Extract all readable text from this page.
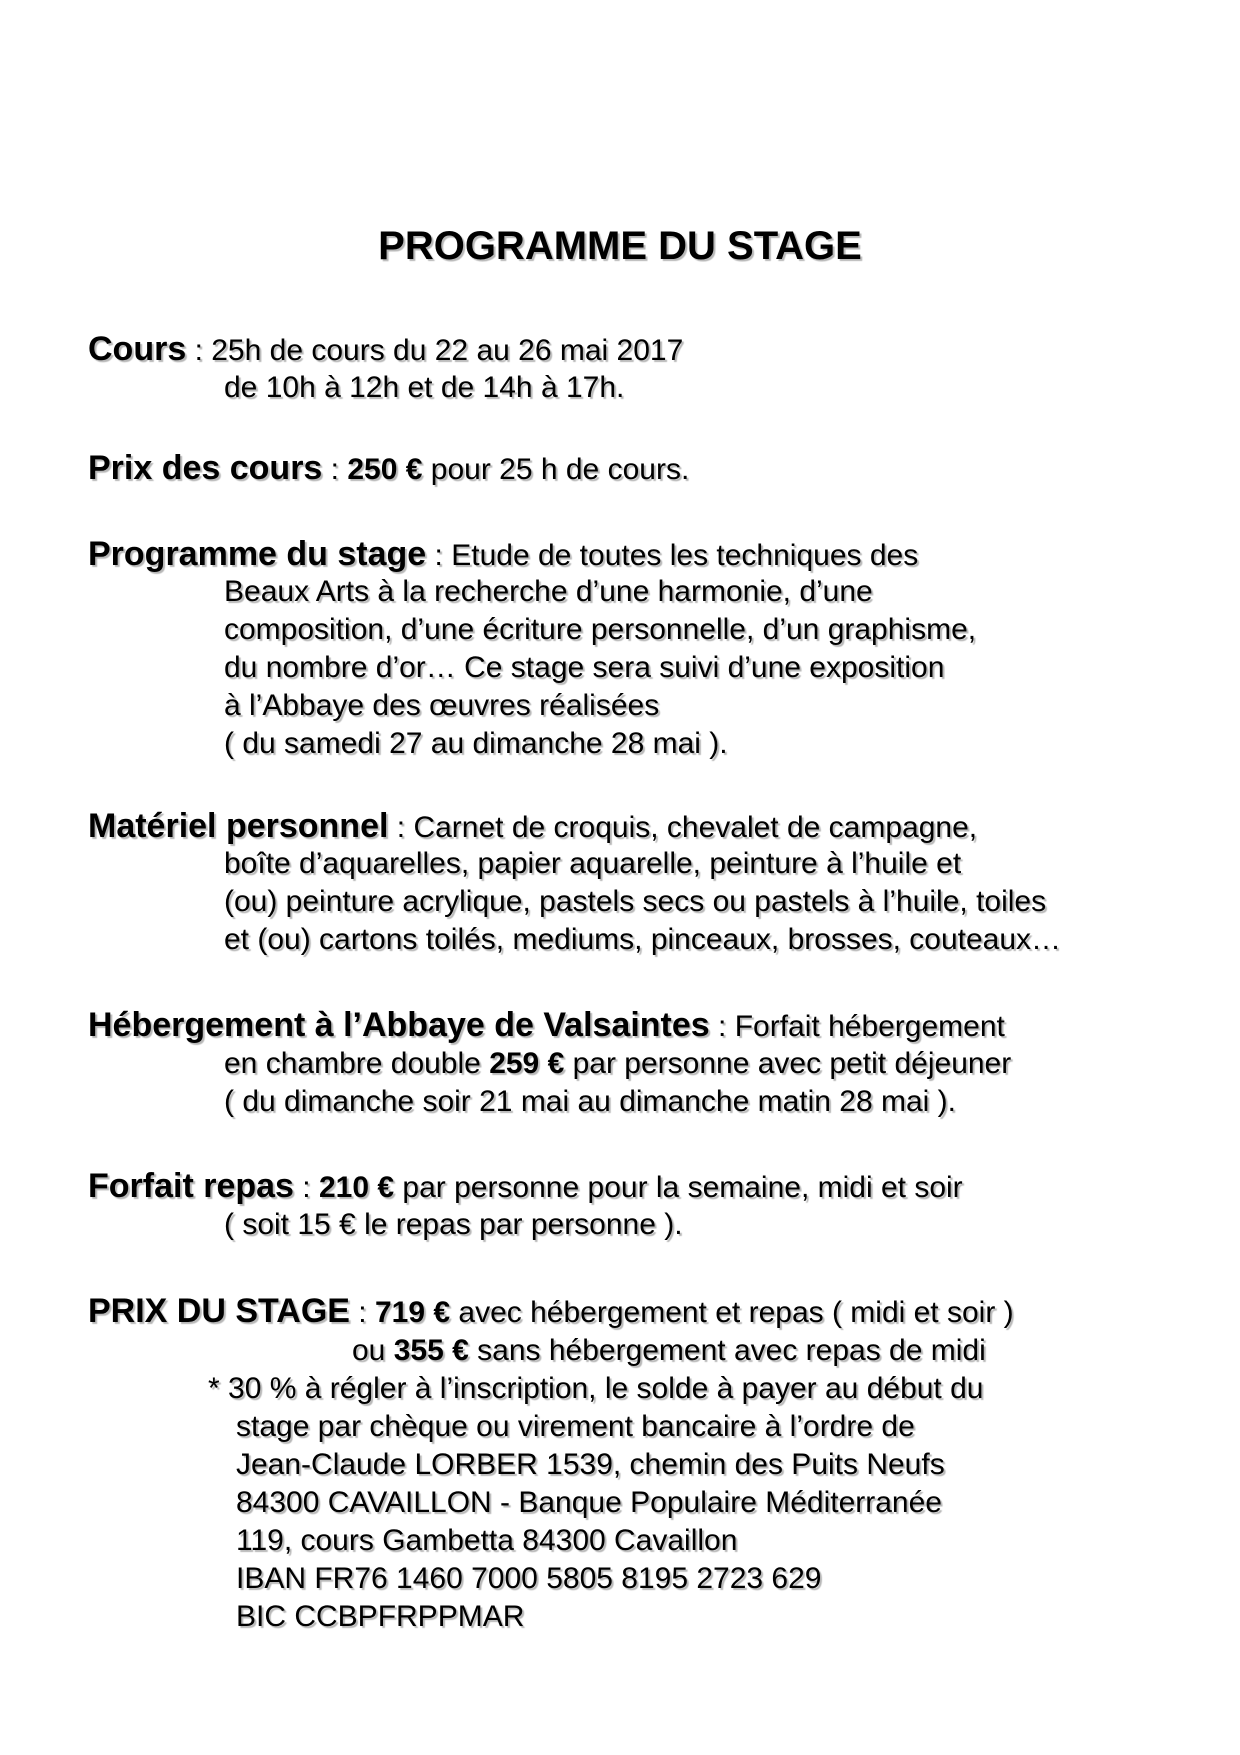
PROGRAMME DU STAGE
Cours : 25h de cours du 22 au 26 mai 2017
de 10h à 12h et de 14h à 17h.
Prix des cours : 250 € pour 25 h de cours.
Programme du stage : Etude de toutes les techniques des
Beaux Arts à la recherche d’une harmonie, d’une
composition, d’une écriture personnelle, d’un graphisme,
du nombre d’or… Ce stage sera suivi d’une exposition
à l’Abbaye des œuvres réalisées
( du samedi 27 au dimanche 28 mai ).
Matériel personnel : Carnet de croquis, chevalet de campagne,
boîte d’aquarelles, papier aquarelle, peinture à l’huile et
(ou) peinture acrylique, pastels secs ou pastels à l’huile, toiles
et (ou) cartons toilés, mediums, pinceaux, brosses, couteaux…
Hébergement à l’Abbaye de Valsaintes : Forfait hébergement
en chambre double 259 € par personne avec petit déjeuner
( du dimanche soir 21 mai au dimanche matin 28 mai ).
Forfait repas : 210 € par personne pour la semaine, midi et soir
( soit 15 € le repas par personne ).
PRIX DU STAGE : 719 € avec hébergement et repas ( midi et soir )
ou 355 € sans hébergement avec repas de midi
* 30 % à régler à l’inscription, le solde à payer au début du
stage par chèque ou virement bancaire à l’ordre de
Jean-Claude LORBER 1539, chemin des Puits Neufs
84300 CAVAILLON - Banque Populaire Méditerranée
119, cours Gambetta 84300 Cavaillon
IBAN FR76 1460 7000 5805 8195 2723 629
BIC CCBPFRPPMAR
